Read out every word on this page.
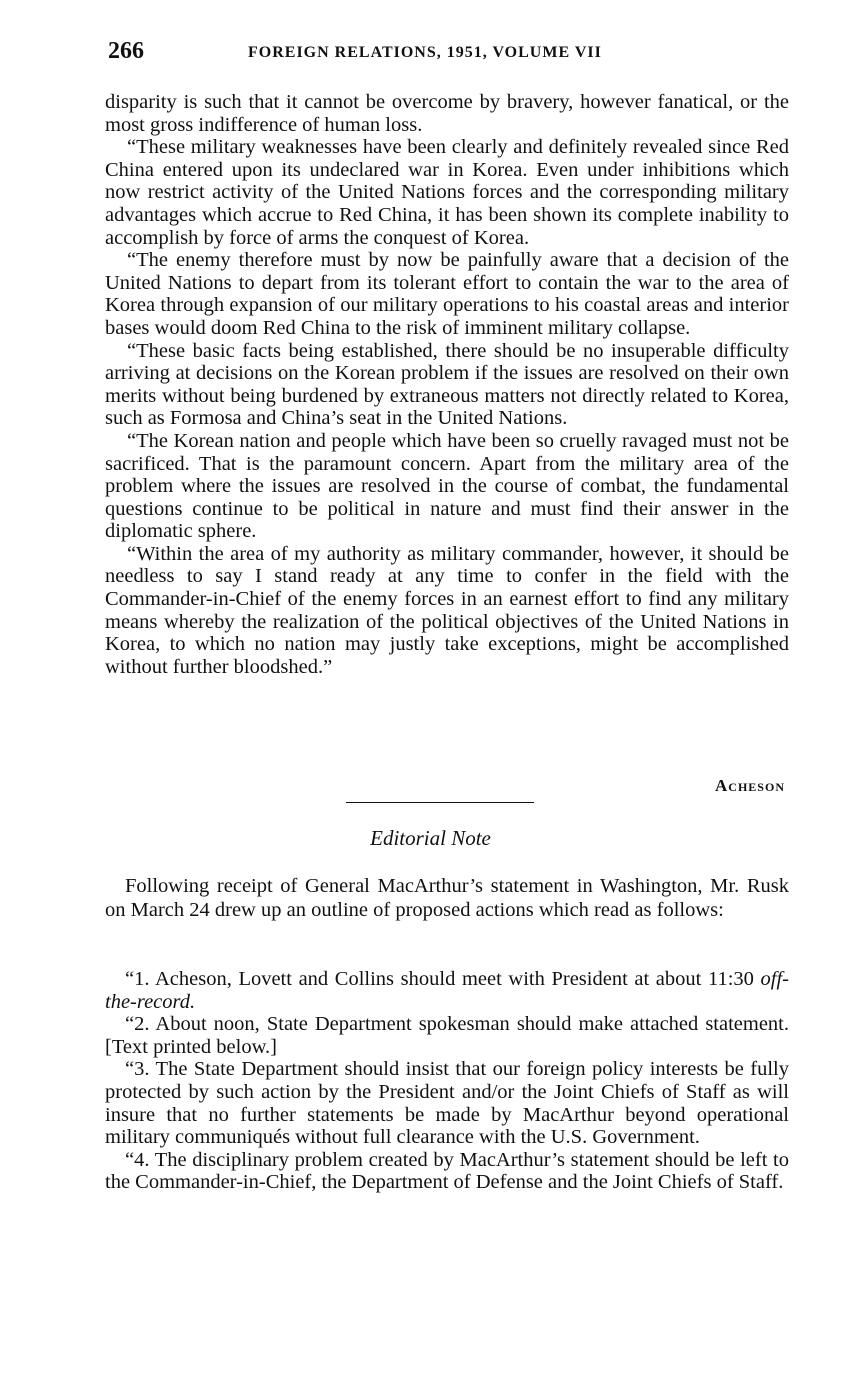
266	FOREIGN RELATIONS, 1951, VOLUME VII

disparity is such that it cannot be overcome by bravery, however fanatical, or the most gross indifference of human loss.

“These military weaknesses have been clearly and definitely revealed since Red China entered upon its undeclared war in Korea. Even under inhibitions which now restrict activity of the United Nations forces and the corresponding military advantages which accrue to Red China, it has been shown its complete inability to accomplish by force of arms the conquest of Korea.

“The enemy therefore must by now be painfully aware that a decision of the United Nations to depart from its tolerant effort to contain the war to the area of Korea through expansion of our military operations to his coastal areas and interior bases would doom Red China to the risk of imminent military collapse.

“These basic facts being established, there should be no insuperable difficulty arriving at decisions on the Korean problem if the issues are resolved on their own merits without being burdened by extraneous matters not directly related to Korea, such as Formosa and China’s seat in the United Nations.

“The Korean nation and people which have been so cruelly ravaged must not be sacrificed. That is the paramount concern. Apart from the military area of the problem where the issues are resolved in the course of combat, the fundamental questions continue to be political in nature and must find their answer in the diplomatic sphere.

“Within the area of my authority as military commander, however, it should be needless to say I stand ready at any time to confer in the field with the Commander-in-Chief of the enemy forces in an earnest effort to find any military means whereby the realization of the political objectives of the United Nations in Korea, to which no nation may justly take exceptions, might be accomplished without further bloodshed.”

Acheson
Editorial Note

Following receipt of General MacArthur’s statement in Washington, Mr. Rusk on March 24 drew up an outline of proposed actions which read as follows:

“1. Acheson, Lovett and Collins should meet with President at about 11:30 off-the-record.

“2. About noon, State Department spokesman should make attached statement. [Text printed below.]

“3. The State Department should insist that our foreign policy interests be fully protected by such action by the President and/or the Joint Chiefs of Staff as will insure that no further statements be made by MacArthur beyond operational military communiqués without full clearance with the U.S. Government.

“4. The disciplinary problem created by MacArthur’s statement should be left to the Commander-in-Chief, the Department of Defense and the Joint Chiefs of Staff.
